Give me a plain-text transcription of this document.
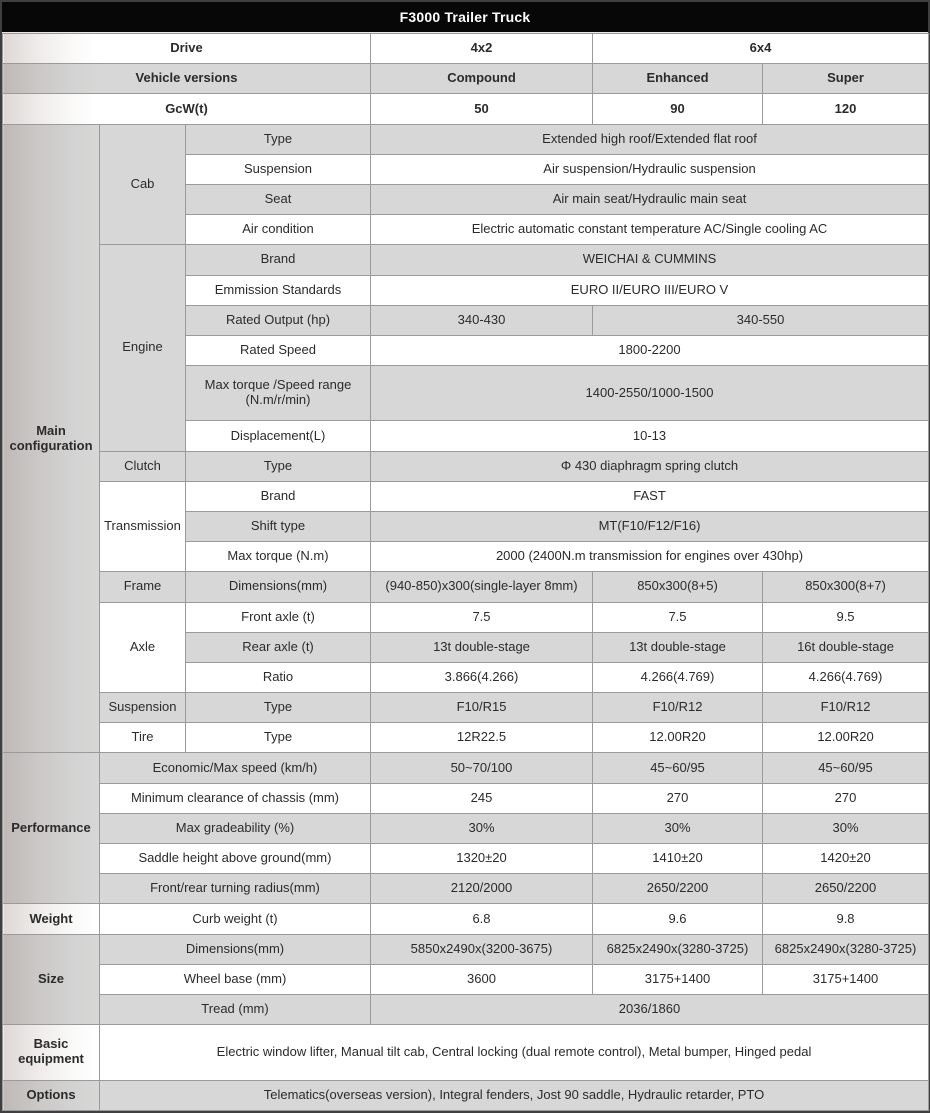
F3000 Trailer Truck
Drive			4x2	6x4	
Vehicle versions			Compound	Enhanced	Super
GcW(t)			50	90	120
Main configuration	Cab	Type	Extended high roof/Extended flat roof		
		Suspension	Air suspension/Hydraulic suspension		
		Seat	Air main seat/Hydraulic main seat		
		Air condition	Electric automatic constant temperature AC/Single cooling AC		
	Engine	Brand	WEICHAI & CUMMINS		
		Emmission Standards	EURO II/EURO III/EURO V		
		Rated Output (hp)	340-430	340-550	
		Rated Speed	1800-2200		
		Max torque /Speed range (N.m/r/min)	1400-2550/1000-1500		
		Displacement(L)	10-13		
	Clutch	Type	Φ 430 diaphragm spring clutch		
	Transmission	Brand	FAST		
		Shift type	MT(F10/F12/F16)		
		Max torque (N.m)	2000 (2400N.m transmission for engines over 430hp)		
	Frame	Dimensions(mm)	(940-850)x300(single-layer 8mm)	850x300(8+5)	850x300(8+7)
	Axle	Front axle (t)	7.5	7.5	9.5
		Rear axle (t)	13t double-stage	13t double-stage	16t double-stage
		Ratio	3.866(4.266)	4.266(4.769)	4.266(4.769)
	Suspension	Type	F10/R15	F10/R12	F10/R12
	Tire	Type	12R22.5	12.00R20	12.00R20
Performance	Economic/Max speed (km/h)		50~70/100	45~60/95	45~60/95
	Minimum clearance of chassis (mm)		245	270	270
	Max gradeability (%)		30%	30%	30%
	Saddle height above ground(mm)		1320±20	1410±20	1420±20
	Front/rear turning radius(mm)		2120/2000	2650/2200	2650/2200
Weight	Curb weight (t)		6.8	9.6	9.8
Size	Dimensions(mm)		5850x2490x(3200-3675)	6825x2490x(3280-3725)	6825x2490x(3280-3725)
	Wheel base (mm)		3600	3175+1400	3175+1400
	Tread (mm)		2036/1860		
Basic equipment	Electric window lifter, Manual tilt cab, Central locking (dual remote control), Metal bumper, Hinged pedal				
Options	Telematics(overseas version), Integral fenders, Jost 90 saddle, Hydraulic retarder, PTO				
